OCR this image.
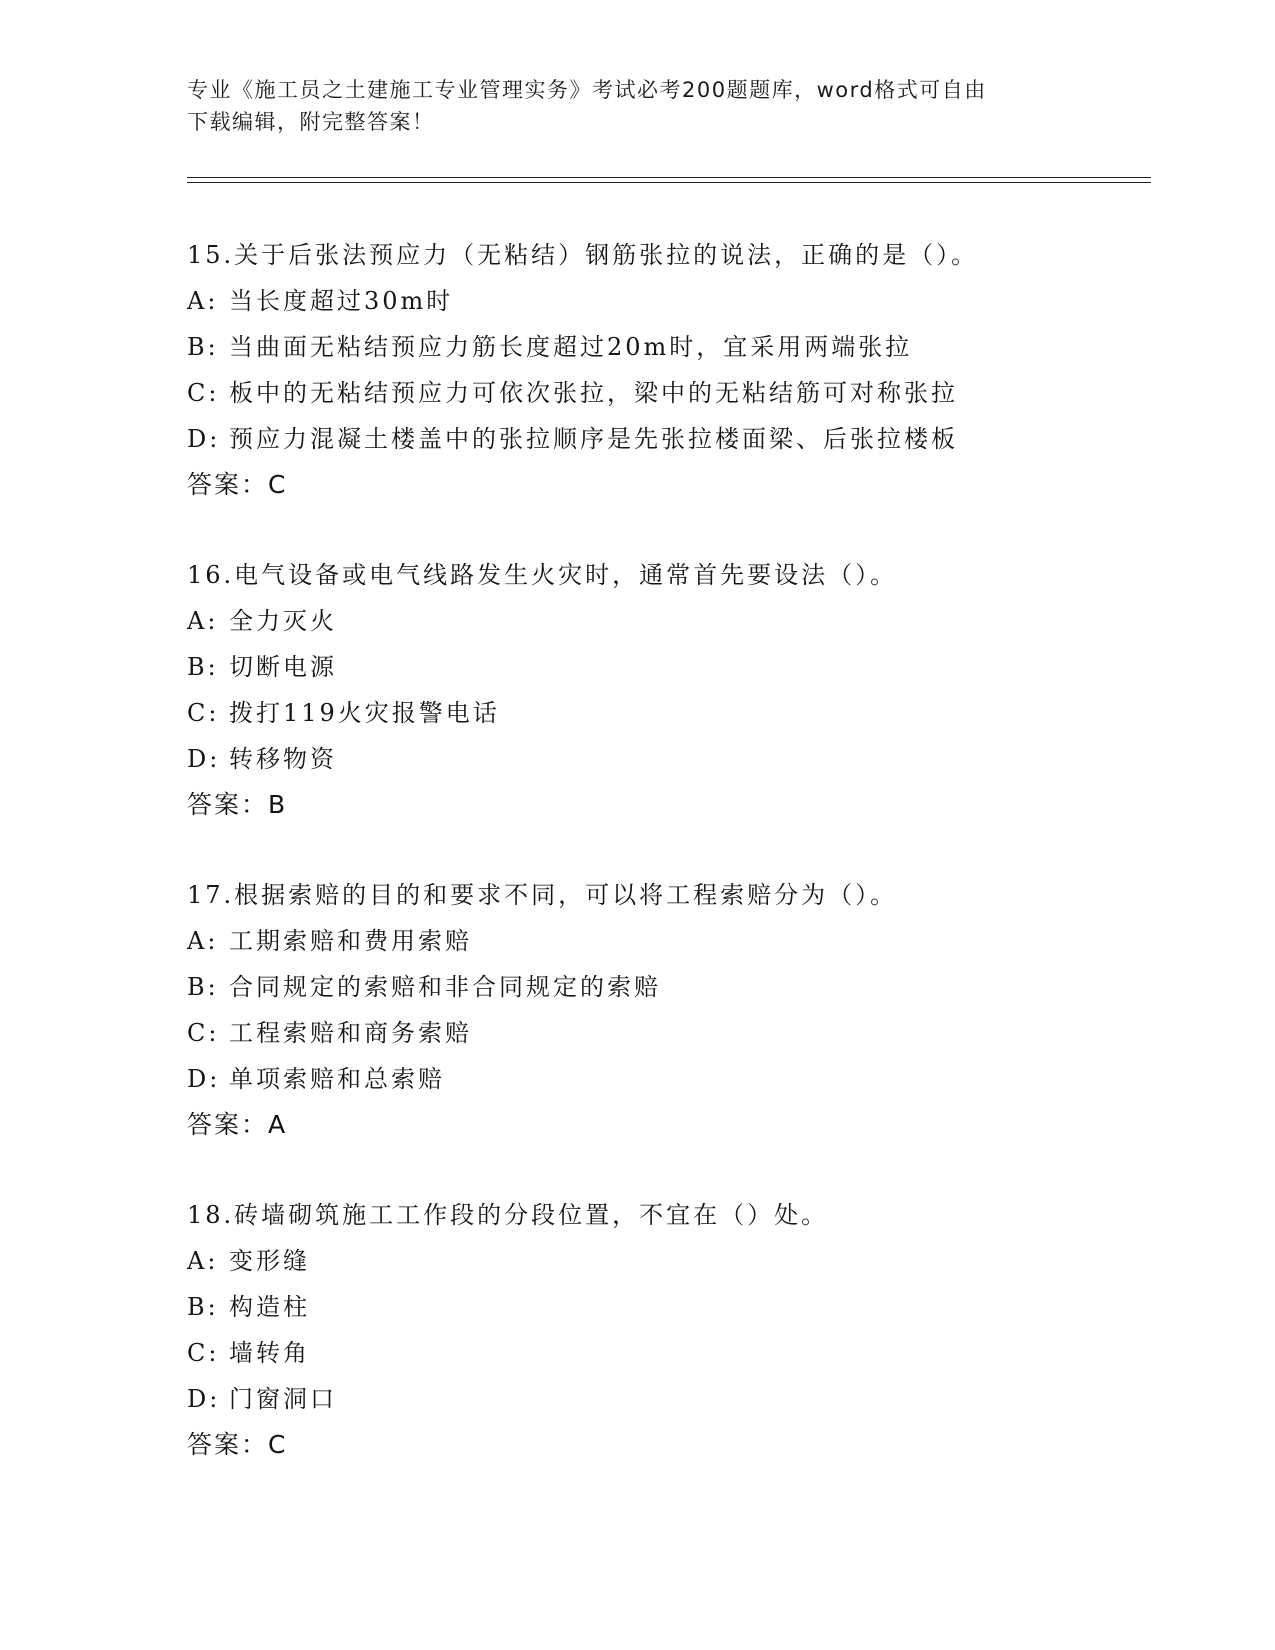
专业《施工员之土建施工专业管理实务》考试必考200题题库，word格式可自由
下载编辑，附完整答案！
15.关于后张法预应力（无粘结）钢筋张拉的说法，正确的是（）。
A: 当长度超过30m时
B: 当曲面无粘结预应力筋长度超过20m时，宜采用两端张拉
C: 板中的无粘结预应力可依次张拉，梁中的无粘结筋可对称张拉
D: 预应力混凝土楼盖中的张拉顺序是先张拉楼面梁、后张拉楼板
答案：C
16.电气设备或电气线路发生火灾时，通常首先要设法（）。
A: 全力灭火
B: 切断电源
C: 拨打119火灾报警电话
D: 转移物资
答案：B
17.根据索赔的目的和要求不同，可以将工程索赔分为（）。
A: 工期索赔和费用索赔
B: 合同规定的索赔和非合同规定的索赔
C: 工程索赔和商务索赔
D: 单项索赔和总索赔
答案：A
18.砖墙砌筑施工工作段的分段位置，不宜在（）处。
A: 变形缝
B: 构造柱
C: 墙转角
D: 门窗洞口
答案：C
